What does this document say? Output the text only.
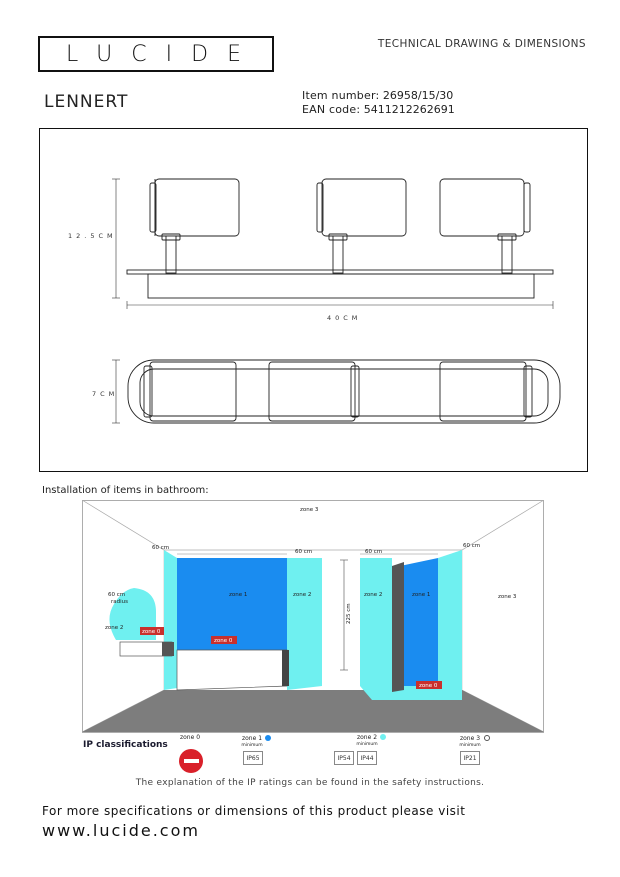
LUCIDE	TECHNICAL DRAWING & DIMENSIONS
LENNERT	Item number: 26958/15/30
EAN code: 5411212262691
12.5CM
40CM
7CM
Installation of items in bathroom:
zone 3
zone 3
60 cm
60 cm	60 cm
60 cm
60 cm
radius
zone 2
zone 1	zone 2	zone 2	zone 1
zone 0
zone 0
zone 0
225 cm
IP classifications
zone 0	zone 1
minimum
IP65
zone 2
minimum
IP54	IP44
zone 3
minimum
IP21
The explanation of the IP ratings can be found in the safety instructions.
For more specifications or dimensions of this product please visit
www.lucide.com
